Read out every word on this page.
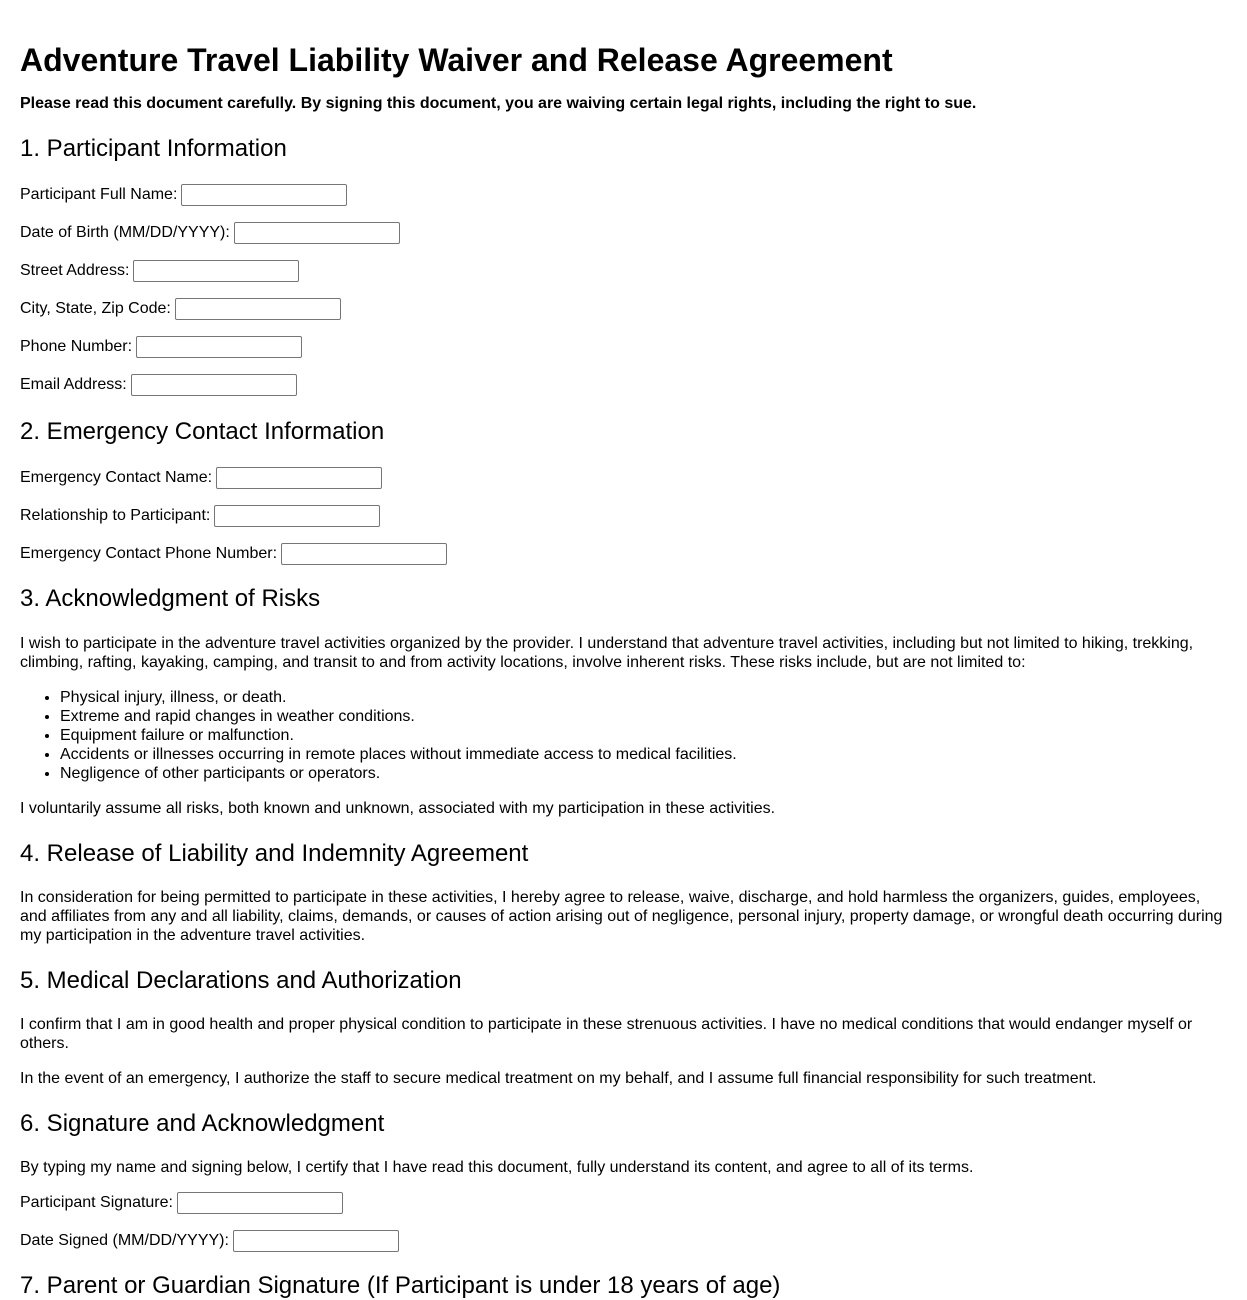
Adventure Travel Liability Waiver and Release Agreement

Please read this document carefully. By signing this document, you are waiving certain legal rights, including the right to sue.

1. Participant Information
Participant Full Name:
Date of Birth (MM/DD/YYYY):
Street Address:
City, State, Zip Code:
Phone Number:
Email Address:
2. Emergency Contact Information
Emergency Contact Name:
Relationship to Participant:
Emergency Contact Phone Number:
3. Acknowledgment of Risks

I wish to participate in the adventure travel activities organized by the provider. I understand that adventure travel activities, including but not limited to hiking, trekking, climbing, rafting, kayaking, camping, and transit to and from activity locations, involve inherent risks. These risks include, but are not limited to:

• Physical injury, illness, or death.
• Extreme and rapid changes in weather conditions.
• Equipment failure or malfunction.
• Accidents or illnesses occurring in remote places without immediate access to medical facilities.
• Negligence of other participants or operators.

I voluntarily assume all risks, both known and unknown, associated with my participation in these activities.

4. Release of Liability and Indemnity Agreement

In consideration for being permitted to participate in these activities, I hereby agree to release, waive, discharge, and hold harmless the organizers, guides, employees, and affiliates from any and all liability, claims, demands, or causes of action arising out of negligence, personal injury, property damage, or wrongful death occurring during my participation in the adventure travel activities.

5. Medical Declarations and Authorization

I confirm that I am in good health and proper physical condition to participate in these strenuous activities. I have no medical conditions that would endanger myself or others.

In the event of an emergency, I authorize the staff to secure medical treatment on my behalf, and I assume full financial responsibility for such treatment.

6. Signature and Acknowledgment

By typing my name and signing below, I certify that I have read this document, fully understand its content, and agree to all of its terms.

Participant Signature:
Date Signed (MM/DD/YYYY):
7. Parent or Guardian Signature (If Participant is under 18 years of age)
